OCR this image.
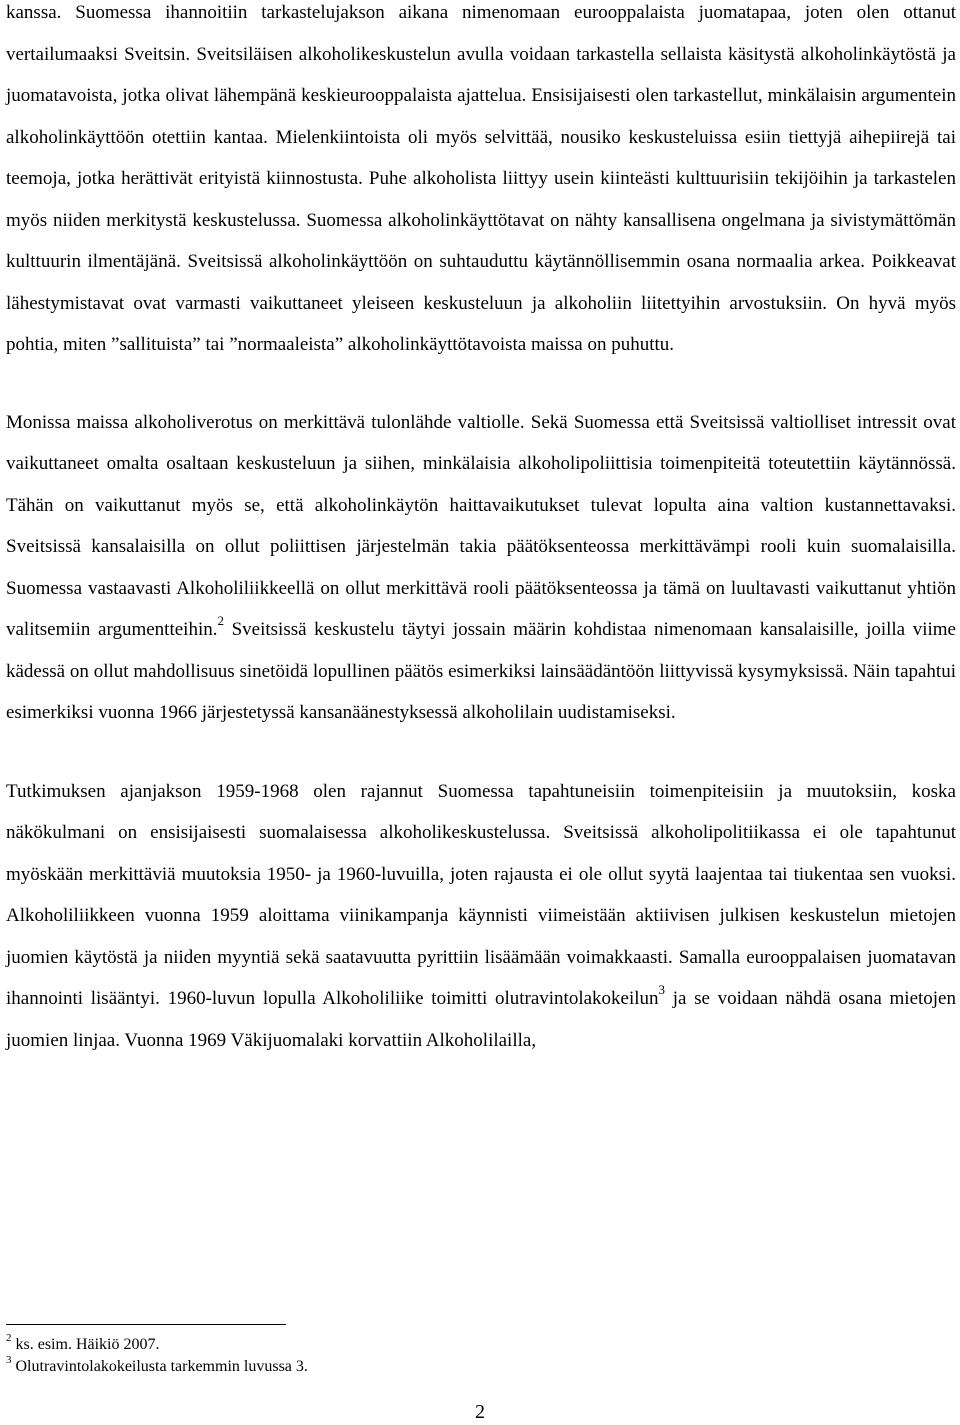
kanssa. Suomessa ihannoitiin tarkastelujakson aikana nimenomaan eurooppalaista juomatapaa, joten olen ottanut vertailumaaksi Sveitsin. Sveitsiläisen alkoholikeskustelun avulla voidaan tarkastella sellaista käsitystä alkoholinkäytöstä ja juomatavoista, jotka olivat lähempänä keskieurooppalaista ajattelua. Ensisijaisesti olen tarkastellut, minkälaisin argumentein alkoholinkäyttöön otettiin kantaa. Mielenkiintoista oli myös selvittää, nousiko keskusteluissa esiin tiettyjä aihepiirejä tai teemoja, jotka herättivät erityistä kiinnostusta. Puhe alkoholista liittyy usein kiinteästi kulttuurisiin tekijöihin ja tarkastelen myös niiden merkitystä keskustelussa. Suomessa alkoholinkäyttötavat on nähty kansallisena ongelmana ja sivistymättömän kulttuurin ilmentäjänä. Sveitsissä alkoholinkäyttöön on suhtauduttu käytännöllisemmin osana normaalia arkea. Poikkeavat lähestymistavat ovat varmasti vaikuttaneet yleiseen keskusteluun ja alkoholiin liitettyihin arvostuksiin. On hyvä myös pohtia, miten ”sallituista” tai ”normaaleista” alkoholinkäyttötavoista maissa on puhuttu.

Monissa maissa alkoholiverotus on merkittävä tulonlähde valtiolle. Sekä Suomessa että Sveitsissä valtiolliset intressit ovat vaikuttaneet omalta osaltaan keskusteluun ja siihen, minkälaisia alkoholipoliittisia toimenpiteitä toteutettiin käytännössä. Tähän on vaikuttanut myös se, että alkoholinkäytön haittavaikutukset tulevat lopulta aina valtion kustannettavaksi. Sveitsissä kansalaisilla on ollut poliittisen järjestelmän takia päätöksenteossa merkittävämpi rooli kuin suomalaisilla. Suomessa vastaavasti Alkoholiliikkeellä on ollut merkittävä rooli päätöksenteossa ja tämä on luultavasti vaikuttanut yhtiön valitsemiin argumentteihin.$^2$ Sveitsissä keskustelu täytyi jossain määrin kohdistaa nimenomaan kansalaisille, joilla viime kädessä on ollut mahdollisuus sinetöidä lopullinen päätös esimerkiksi lainsäädäntöön liittyvissä kysymyksissä. Näin tapahtui esimerkiksi vuonna 1966 järjestetyssä kansanäänestyksessä alkoholilain uudistamiseksi.

Tutkimuksen ajanjakson 1959-1968 olen rajannut Suomessa tapahtuneisiin toimenpiteisiin ja muutoksiin, koska näkökulmani on ensisijaisesti suomalaisessa alkoholikeskustelussa. Sveitsissä alkoholipolitiikassa ei ole tapahtunut myöskään merkittäviä muutoksia 1950- ja 1960-luvuilla, joten rajausta ei ole ollut syytä laajentaa tai tiukentaa sen vuoksi. Alkoholiliikkeen vuonna 1959 aloittama viinikampanja käynnisti viimeistään aktiivisen julkisen keskustelun mietojen juomien käytöstä ja niiden myyntiä sekä saatavuutta pyrittiin lisäämään voimakkaasti. Samalla eurooppalaisen juomatavan ihannointi lisääntyi. 1960-luvun lopulla Alkoholiliike toimitti olutravintolakokeilun$^3$ ja se voidaan nähdä osana mietojen juomien linjaa. Vuonna 1969 Väkijuomalaki korvattiin Alkoholilailla,

$^2$ ks. esim. Häikiö 2007.

$^3$ Olutravintolakokeilusta tarkemmin luvussa 3.

2
